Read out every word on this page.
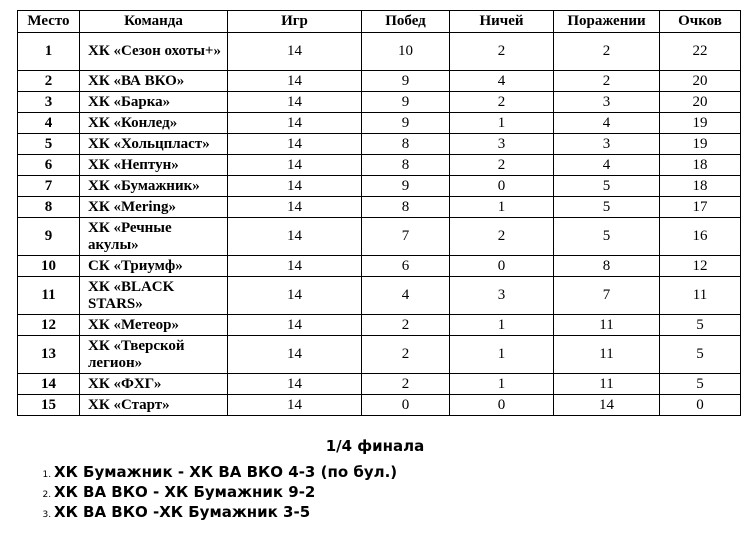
Место	Команда	Игр	Побед	Ничей	Поражении	Очков
1	ХК «Сезон охоты+»	14	10	2	2	22
2	ХК «ВА ВКО»	14	9	4	2	20
3	ХК «Барка»	14	9	2	3	20
4	ХК «Конлед»	14	9	1	4	19
5	ХК «Хольцпласт»	14	8	3	3	19
6	ХК «Нептун»	14	8	2	4	18
7	ХК «Бумажник»	14	9	0	5	18
8	ХК «Mering»	14	8	1	5	17
9	ХК «Речные акулы»	14	7	2	5	16
10	СК «Триумф»	14	6	0	8	12
11	ХК «BLACK STARS»	14	4	3	7	11
12	ХК «Метеор»	14	2	1	11	5
13	ХК «Тверской легион»	14	2	1	11	5
14	ХК «ФХГ»	14	2	1	11	5
15	ХК «Старт»	14	0	0	14	0
1/4 финала
1. ХК Бумажник - ХК ВА ВКО 4-3 (по бул.)
2. ХК ВА ВКО - ХК Бумажник 9-2
3. ХК ВА ВКО -ХК Бумажник 3-5
